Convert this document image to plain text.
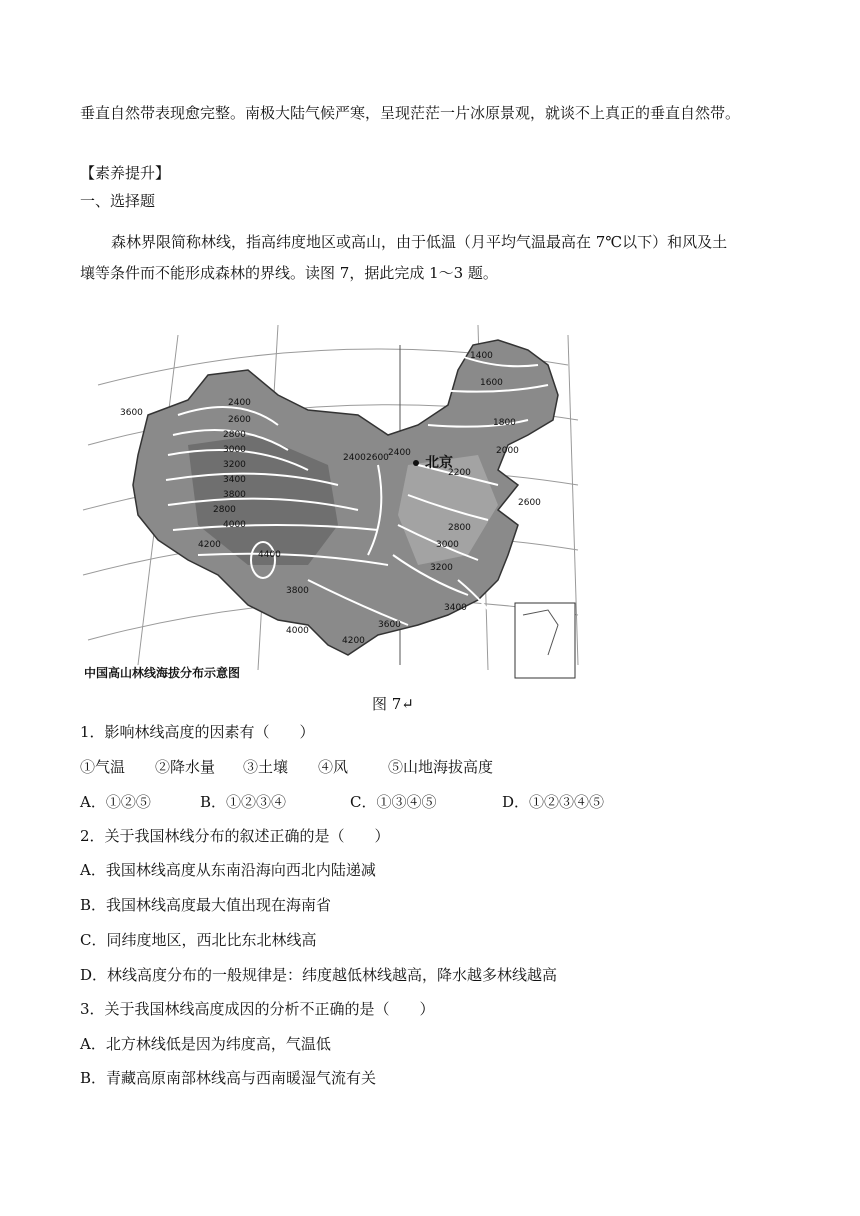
垂直自然带表现愈完整。南极大陆气候严寒，呈现茫茫一片冰原景观，就谈不上真正的垂直自然带。
【素养提升】
一、选择题
森林界限简称林线，指高纬度地区或高山，由于低温（月平均气温最高在 7℃以下）和风及土
壤等条件而不能形成森林的界线。读图 7，据此完成 1～3 题。
1400
1600
1800
2000
2200
2400
2600
2800
3000
3200
3400
3600
3800
4000
4200
4400
2400
2600
2800
3000
3200
3400
3600
3800
4000
4200
2800
2600 2400
北京
中国高山林线海拔分布示意图
图 7↵
1．影响林线高度的因素有（　　）
①气温 ②降水量 ③土壤 ④风	⑤山地海拔高度
A．①②⑤	B．①②③④	C．①③④⑤	D．①②③④⑤
2．关于我国林线分布的叙述正确的是（　　）
A．我国林线高度从东南沿海向西北内陆递减
B．我国林线高度最大值出现在海南省
C．同纬度地区，西北比东北林线高
D．林线高度分布的一般规律是：纬度越低林线越高，降水越多林线越高
3．关于我国林线高度成因的分析不正确的是（　　）
A．北方林线低是因为纬度高，气温低
B．青藏高原南部林线高与西南暖湿气流有关
